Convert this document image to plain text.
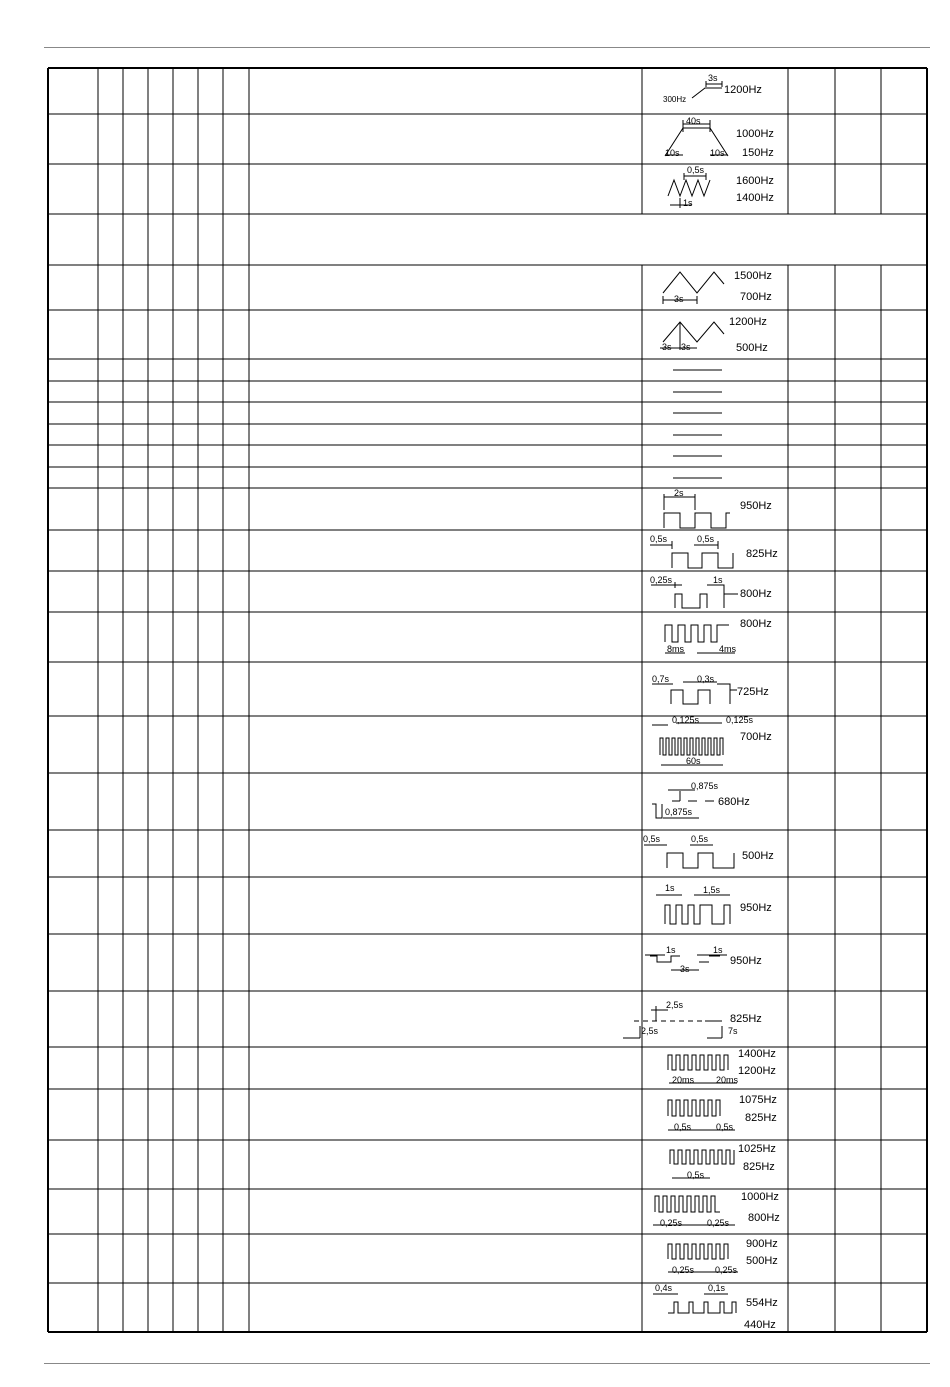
3s
300Hz
1200Hz
40s
1000Hz
150Hz
10s	10s
0,5s
1600Hz
1400Hz
1s
1500Hz
700Hz
3s
1200Hz
500Hz
3s 3s
2s
950Hz
0,5s	0,5s
825Hz
0,25s	1s
800Hz
800Hz
8ms	4ms
0,7s	0,3s
725Hz
0,125s	0,125s
700Hz
60s
0,875s
680Hz
0,875s
0,5s	0,5s
500Hz
1s	1,5s
950Hz
1s	1s
950Hz
3s
2,5s
825Hz
2,5s	7s
1400Hz
1200Hz
20ms 20ms
1075Hz
825Hz
0,5s	0,5s
1025Hz
825Hz
0,5s
1000Hz
800Hz
0,25s	0,25s
900Hz
500Hz
0,25s 0,25s
0,4s	0,1s
554Hz
440Hz
